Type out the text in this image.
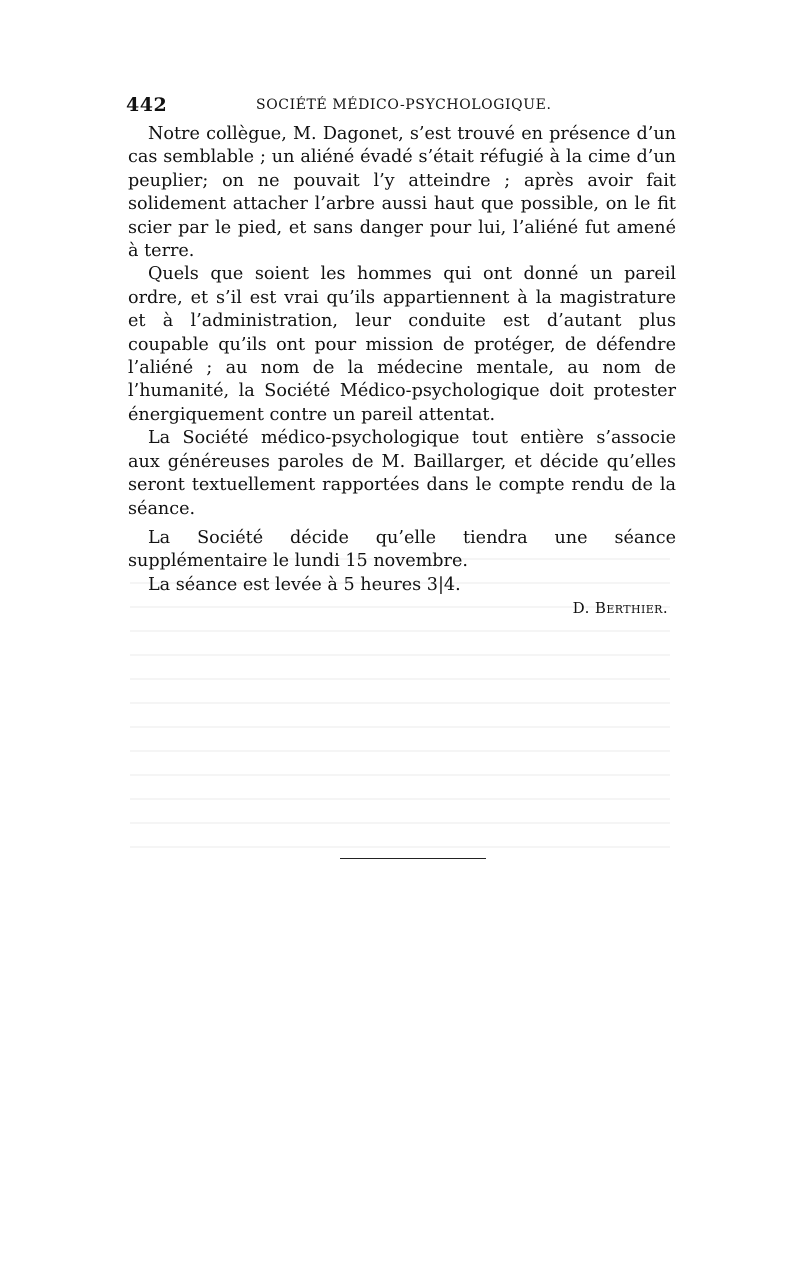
442	SOCIÉTÉ MÉDICO-PSYCHOLOGIQUE.

Notre collègue, M. Dagonet, s’est trouvé en présence d’un cas semblable ; un aliéné évadé s’était réfugié à la cime d’un peuplier; on ne pouvait l’y atteindre ; après avoir fait solidement attacher l’arbre aussi haut que possible, on le fit scier par le pied, et sans danger pour lui, l’aliéné fut amené à terre.

Quels que soient les hommes qui ont donné un pareil ordre, et s’il est vrai qu’ils appartiennent à la magistrature et à l’administration, leur conduite est d’autant plus coupable qu’ils ont pour mission de protéger, de défendre l’aliéné ; au nom de la médecine mentale, au nom de l’humanité, la Société Médico-psychologique doit protester énergiquement contre un pareil attentat.

La Société médico-psychologique tout entière s’associe aux généreuses paroles de M. Baillarger, et décide qu’elles seront textuellement rapportées dans le compte rendu de la séance.

La Société décide qu’elle tiendra une séance supplémentaire le lundi 15 novembre.

La séance est levée à 5 heures 3|4.

D. Berthier.
